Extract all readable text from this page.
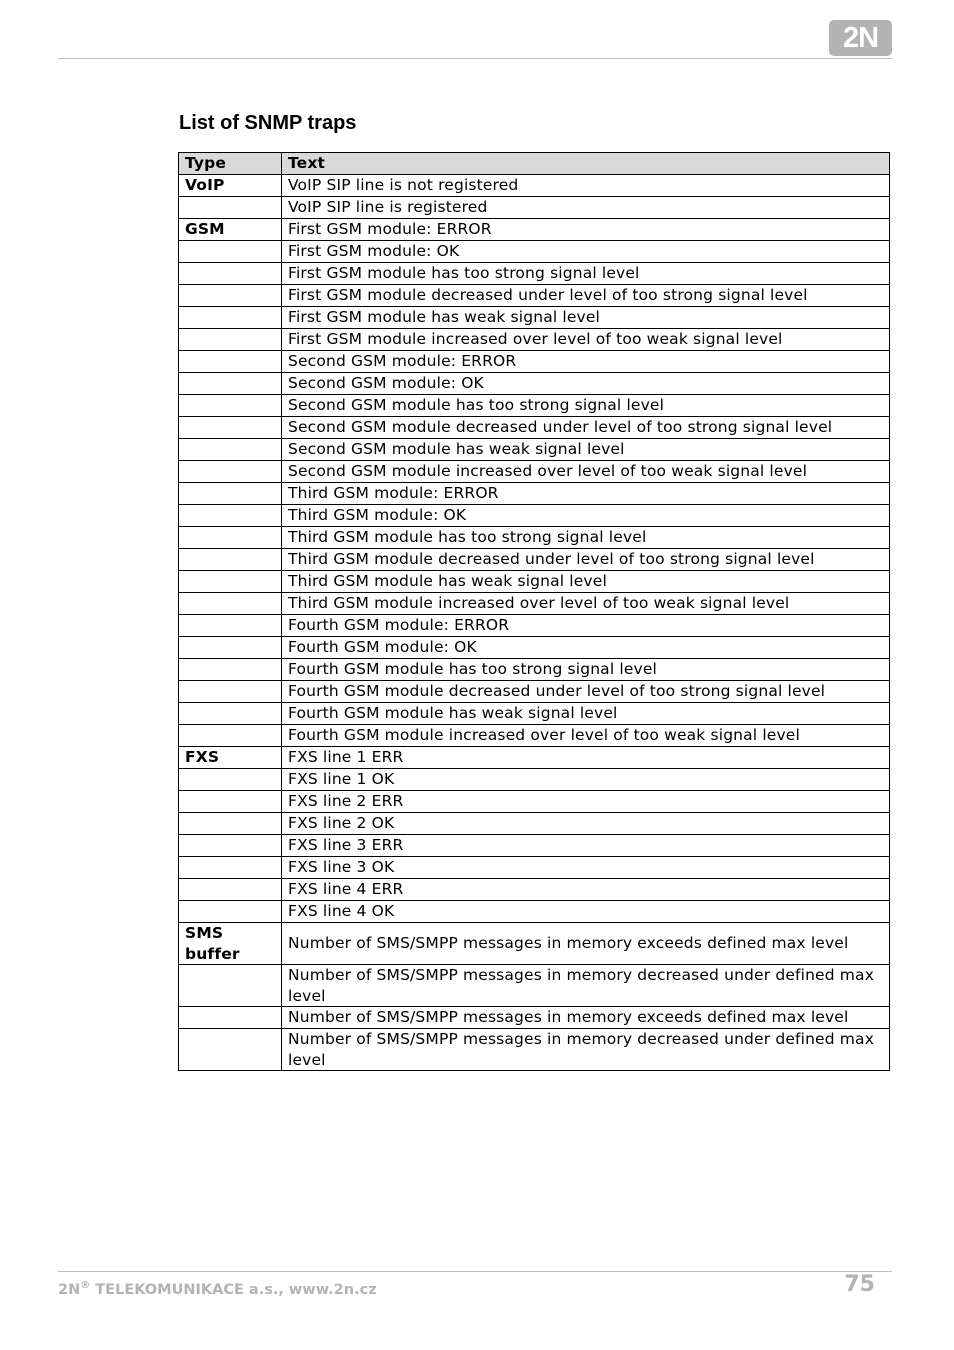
2N
List of SNMP traps
Type	Text
VoIP	VoIP SIP line is not registered
	VoIP SIP line is registered
GSM	First GSM module: ERROR
	First GSM module: OK
	First GSM module has too strong signal level
	First GSM module decreased under level of too strong signal level
	First GSM module has weak signal level
	First GSM module increased over level of too weak signal level
	Second GSM module: ERROR
	Second GSM module: OK
	Second GSM module has too strong signal level
	Second GSM module decreased under level of too strong signal level
	Second GSM module has weak signal level
	Second GSM module increased over level of too weak signal level
	Third GSM module: ERROR
	Third GSM module: OK
	Third GSM module has too strong signal level
	Third GSM module decreased under level of too strong signal level
	Third GSM module has weak signal level
	Third GSM module increased over level of too weak signal level
	Fourth GSM module: ERROR
	Fourth GSM module: OK
	Fourth GSM module has too strong signal level
	Fourth GSM module decreased under level of too strong signal level
	Fourth GSM module has weak signal level
	Fourth GSM module increased over level of too weak signal level
FXS	FXS line 1 ERR
	FXS line 1 OK
	FXS line 2 ERR
	FXS line 2 OK
	FXS line 3 ERR
	FXS line 3 OK
	FXS line 4 ERR
	FXS line 4 OK
SMS buffer	Number of SMS/SMPP messages in memory exceeds defined max level
	Number of SMS/SMPP messages in memory decreased under defined max level
	Number of SMS/SMPP messages in memory exceeds defined max level
	Number of SMS/SMPP messages in memory decreased under defined max level
2N® TELEKOMUNIKACE a.s., www.2n.cz	75
